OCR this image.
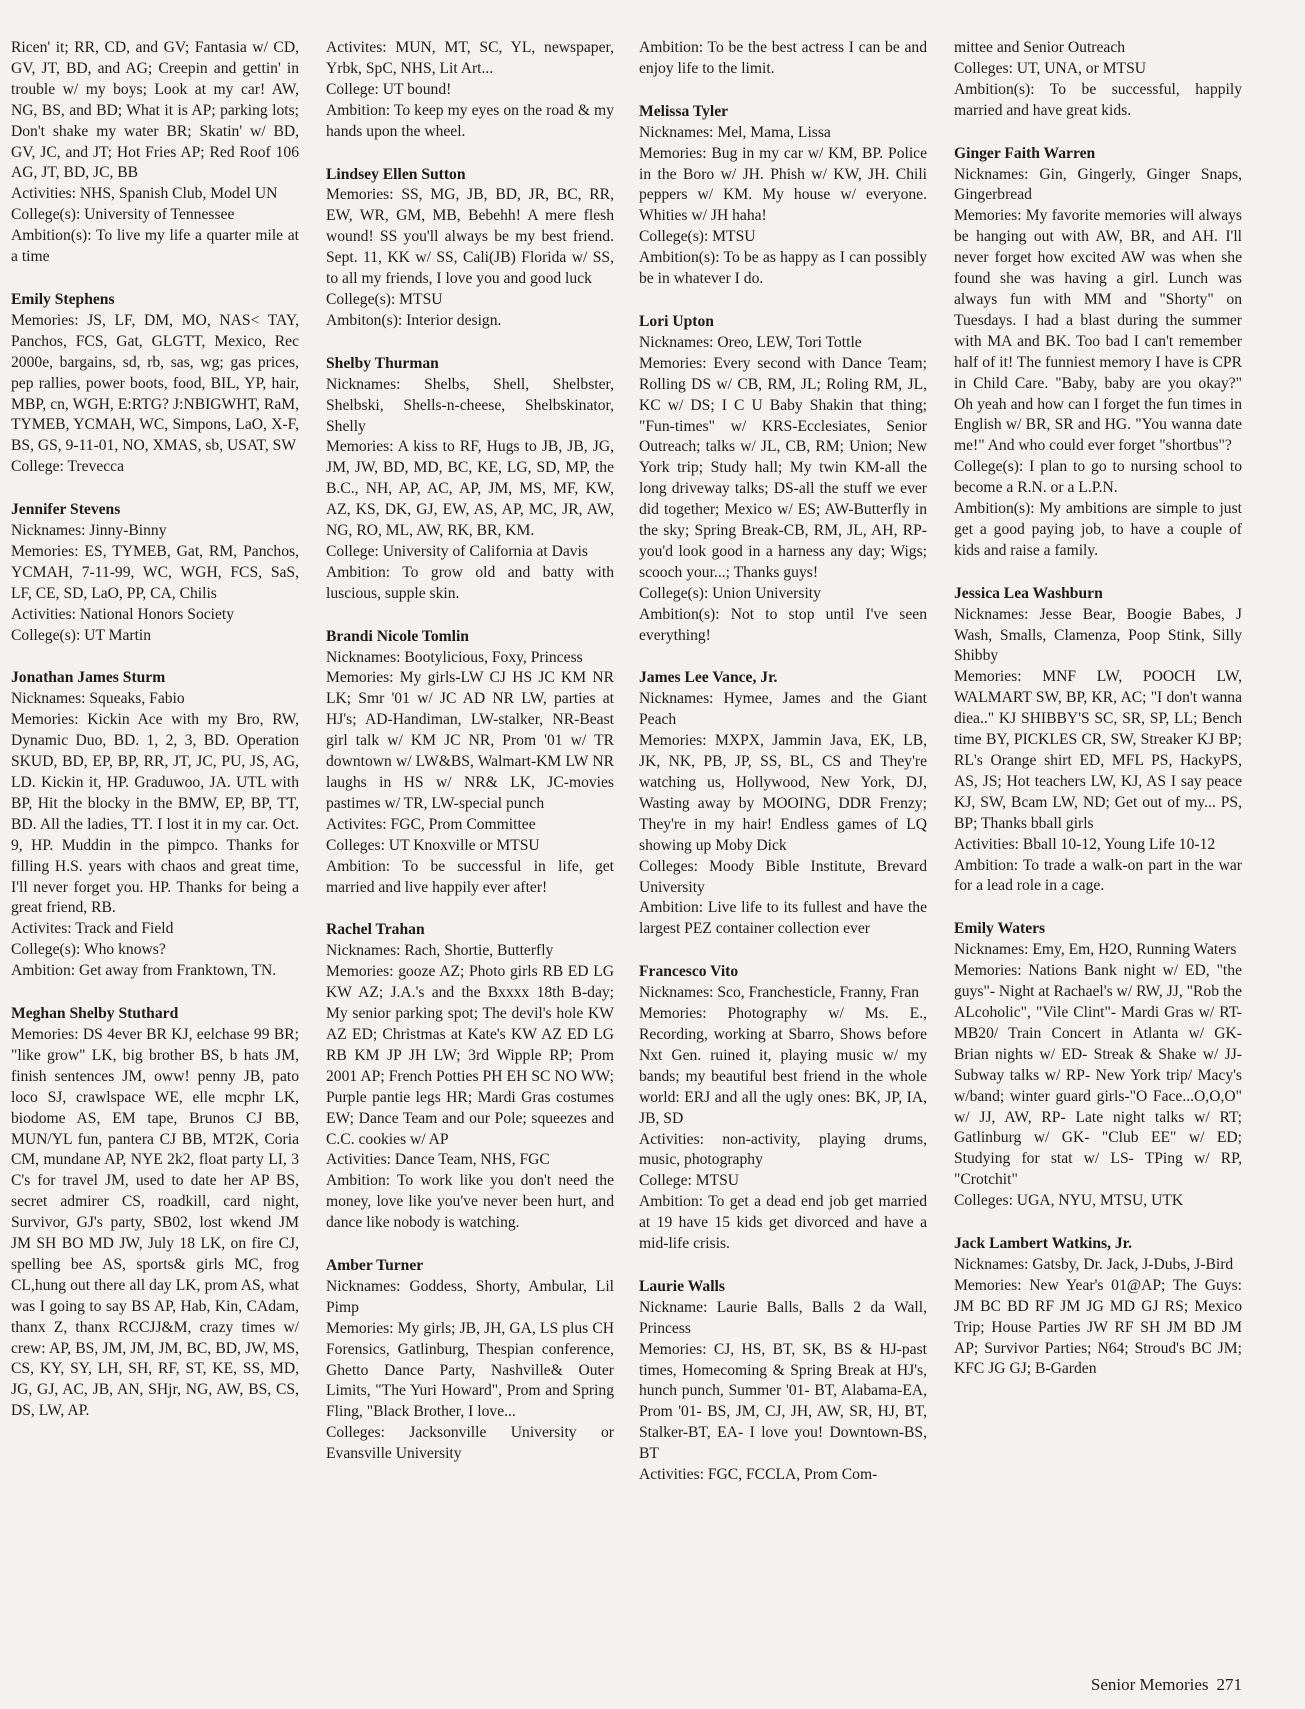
Ricen' it; RR, CD, and GV; Fantasia w/ CD, GV, JT, BD, and AG; Creepin and gettin' in trouble w/ my boys; Look at my car! AW, NG, BS, and BD; What it is AP; parking lots; Don't shake my water BR; Skatin' w/ BD, GV, JC, and JT; Hot Fries AP; Red Roof 106 AG, JT, BD, JC, BB

Activities: NHS, Spanish Club, Model UN

College(s): University of Tennessee

Ambition(s): To live my life a quarter mile at a time

Emily Stephens

Memories: JS, LF, DM, MO, NAS< TAY, Panchos, FCS, Gat, GLGTT, Mexico, Rec 2000e, bargains, sd, rb, sas, wg; gas prices, pep rallies, power boots, food, BIL, YP, hair, MBP, cn, WGH, E:RTG? J:NBIGWHT, RaM, TYMEB, YCMAH, WC, Simpons, LaO, X-F, BS, GS, 9-11-01, NO, XMAS, sb, USAT, SW

College: Trevecca

Jennifer Stevens

Nicknames: Jinny-Binny

Memories: ES, TYMEB, Gat, RM, Panchos, YCMAH, 7-11-99, WC, WGH, FCS, SaS, LF, CE, SD, LaO, PP, CA, Chilis

Activities: National Honors Society

College(s): UT Martin

Jonathan James Sturm

Nicknames: Squeaks, Fabio

Memories: Kickin Ace with my Bro, RW, Dynamic Duo, BD. 1, 2, 3, BD. Operation SKUD, BD, EP, BP, RR, JT, JC, PU, JS, AG, LD. Kickin it, HP. Graduwoo, JA. UTL with BP, Hit the blocky in the BMW, EP, BP, TT, BD. All the ladies, TT. I lost it in my car. Oct. 9, HP. Muddin in the pimpco. Thanks for filling H.S. years with chaos and great time, I'll never forget you. HP. Thanks for being a great friend, RB.

Activites: Track and Field

College(s): Who knows?

Ambition: Get away from Franktown, TN.

Meghan Shelby Stuthard

Memories: DS 4ever BR KJ, eelchase 99 BR; "like grow" LK, big brother BS, b hats JM, finish sentences JM, oww! penny JB, pato loco SJ, crawlspace WE, elle mcphr LK, biodome AS, EM tape, Brunos CJ BB, MUN/YL fun, pantera CJ BB, MT2K, Coria CM, mundane AP, NYE 2k2, float party LI, 3 C's for travel JM, used to date her AP BS, secret admirer CS, roadkill, card night, Survivor, GJ's party, SB02, lost wkend JM JM SH BO MD JW, July 18 LK, on fire CJ, spelling bee AS, sports& girls MC, frog CL,hung out there all day LK, prom AS, what was I going to say BS AP, Hab, Kin, CAdam, thanx Z, thanx RCCJJ&M, crazy times w/ crew: AP, BS, JM, JM, JM, BC, BD, JW, MS, CS, KY, SY, LH, SH, RF, ST, KE, SS, MD, JG, GJ, AC, JB, AN, SHjr, NG, AW, BS, CS, DS, LW, AP.

Activites: MUN, MT, SC, YL, newspaper, Yrbk, SpC, NHS, Lit Art...

College: UT bound!

Ambition: To keep my eyes on the road & my hands upon the wheel.

Lindsey Ellen Sutton

Memories: SS, MG, JB, BD, JR, BC, RR, EW, WR, GM, MB, Bebehh! A mere flesh wound! SS you'll always be my best friend. Sept. 11, KK w/ SS, Cali(JB) Florida w/ SS, to all my friends, I love you and good luck

College(s): MTSU

Ambiton(s): Interior design.

Shelby Thurman

Nicknames: Shelbs, Shell, Shelbster, Shelbski, Shells-n-cheese, Shelbskinator, Shelly

Memories: A kiss to RF, Hugs to JB, JB, JG, JM, JW, BD, MD, BC, KE, LG, SD, MP, the B.C., NH, AP, AC, AP, JM, MS, MF, KW, AZ, KS, DK, GJ, EW, AS, AP, MC, JR, AW, NG, RO, ML, AW, RK, BR, KM.

College: University of California at Davis

Ambition: To grow old and batty with luscious, supple skin.

Brandi Nicole Tomlin

Nicknames: Bootylicious, Foxy, Princess

Memories: My girls-LW CJ HS JC KM NR LK; Smr '01 w/ JC AD NR LW, parties at HJ's; AD-Handiman, LW-stalker, NR-Beast girl talk w/ KM JC NR, Prom '01 w/ TR downtown w/ LW&BS, Walmart-KM LW NR laughs in HS w/ NR& LK, JC-movies pastimes w/ TR, LW-special punch

Activites: FGC, Prom Committee

Colleges: UT Knoxville or MTSU

Ambition: To be successful in life, get married and live happily ever after!

Rachel Trahan

Nicknames: Rach, Shortie, Butterfly

Memories: gooze AZ; Photo girls RB ED LG KW AZ; J.A.'s and the Bxxxx 18th B-day; My senior parking spot; The devil's hole KW AZ ED; Christmas at Kate's KW AZ ED LG RB KM JP JH LW; 3rd Wipple RP; Prom 2001 AP; French Potties PH EH SC NO WW; Purple pantie legs HR; Mardi Gras costumes EW; Dance Team and our Pole; squeezes and C.C. cookies w/ AP

Activities: Dance Team, NHS, FGC

Ambition: To work like you don't need the money, love like you've never been hurt, and dance like nobody is watching.

Amber Turner

Nicknames: Goddess, Shorty, Ambular, Lil Pimp

Memories: My girls; JB, JH, GA, LS plus CH Forensics, Gatlinburg, Thespian conference, Ghetto Dance Party, Nashville& Outer Limits, "The Yuri Howard", Prom and Spring Fling, "Black Brother, I love...

Colleges: Jacksonville University or Evansville University

Ambition: To be the best actress I can be and enjoy life to the limit.

Melissa Tyler

Nicknames: Mel, Mama, Lissa

Memories: Bug in my car w/ KM, BP. Police in the Boro w/ JH. Phish w/ KW, JH. Chili peppers w/ KM. My house w/ everyone. Whities w/ JH haha!

College(s): MTSU

Ambition(s): To be as happy as I can possibly be in whatever I do.

Lori Upton

Nicknames: Oreo, LEW, Tori Tottle

Memories: Every second with Dance Team; Rolling DS w/ CB, RM, JL; Roling RM, JL, KC w/ DS; I C U Baby Shakin that thing; "Fun-times" w/ KRS-Ecclesiates, Senior Outreach; talks w/ JL, CB, RM; Union; New York trip; Study hall; My twin KM-all the long driveway talks; DS-all the stuff we ever did together; Mexico w/ ES; AW-Butterfly in the sky; Spring Break-CB, RM, JL, AH, RP-you'd look good in a harness any day; Wigs; scooch your...; Thanks guys!

College(s): Union University

Ambition(s): Not to stop until I've seen everything!

James Lee Vance, Jr.

Nicknames: Hymee, James and the Giant Peach

Memories: MXPX, Jammin Java, EK, LB, JK, NK, PB, JP, SS, BL, CS and They're watching us, Hollywood, New York, DJ, Wasting away by MOOING, DDR Frenzy; They're in my hair! Endless games of LQ showing up Moby Dick

Colleges: Moody Bible Institute, Brevard University

Ambition: Live life to its fullest and have the largest PEZ container collection ever

Francesco Vito

Nicknames: Sco, Franchesticle, Franny, Fran

Memories: Photography w/ Ms. E., Recording, working at Sbarro, Shows before Nxt Gen. ruined it, playing music w/ my bands; my beautiful best friend in the whole world: ERJ and all the ugly ones: BK, JP, IA, JB, SD

Activities: non-activity, playing drums, music, photography

College: MTSU

Ambition: To get a dead end job get married at 19 have 15 kids get divorced and have a mid-life crisis.

Laurie Walls

Nickname: Laurie Balls, Balls 2 da Wall, Princess

Memories: CJ, HS, BT, SK, BS & HJ-past times, Homecoming & Spring Break at HJ's, hunch punch, Summer '01- BT, Alabama-EA, Prom '01- BS, JM, CJ, JH, AW, SR, HJ, BT, Stalker-BT, EA- I love you! Downtown-BS, BT

Activities: FGC, FCCLA, Prom Com-

mittee and Senior Outreach

Colleges: UT, UNA, or MTSU

Ambition(s): To be successful, happily married and have great kids.

Ginger Faith Warren

Nicknames: Gin, Gingerly, Ginger Snaps, Gingerbread

Memories: My favorite memories will always be hanging out with AW, BR, and AH. I'll never forget how excited AW was when she found she was having a girl. Lunch was always fun with MM and "Shorty" on Tuesdays. I had a blast during the summer with MA and BK. Too bad I can't remember half of it! The funniest memory I have is CPR in Child Care. "Baby, baby are you okay?" Oh yeah and how can I forget the fun times in English w/ BR, SR and HG. "You wanna date me!" And who could ever forget "shortbus"?

College(s): I plan to go to nursing school to become a R.N. or a L.P.N.

Ambition(s): My ambitions are simple to just get a good paying job, to have a couple of kids and raise a family.

Jessica Lea Washburn

Nicknames: Jesse Bear, Boogie Babes, J Wash, Smalls, Clamenza, Poop Stink, Silly Shibby

Memories: MNF LW, POOCH LW, WALMART SW, BP, KR, AC; "I don't wanna diea.." KJ SHIBBY'S SC, SR, SP, LL; Bench time BY, PICKLES CR, SW, Streaker KJ BP; RL's Orange shirt ED, MFL PS, HackyPS, AS, JS; Hot teachers LW, KJ, AS I say peace KJ, SW, Bcam LW, ND; Get out of my... PS, BP; Thanks bball girls

Activities: Bball 10-12, Young Life 10-12

Ambition: To trade a walk-on part in the war for a lead role in a cage.

Emily Waters

Nicknames: Emy, Em, H2O, Running Waters

Memories: Nations Bank night w/ ED, "the guys"- Night at Rachael's w/ RW, JJ, "Rob the ALcoholic", "Vile Clint"- Mardi Gras w/ RT-MB20/ Train Concert in Atlanta w/ GK- Brian nights w/ ED- Streak & Shake w/ JJ-Subway talks w/ RP- New York trip/ Macy's w/band; winter guard girls-"O Face...O,O,O" w/ JJ, AW, RP- Late night talks w/ RT; Gatlinburg w/ GK- "Club EE" w/ ED; Studying for stat w/ LS- TPing w/ RP, "Crotchit"

Colleges: UGA, NYU, MTSU, UTK

Jack Lambert Watkins, Jr.

Nicknames: Gatsby, Dr. Jack, J-Dubs, J-Bird

Memories: New Year's 01@AP; The Guys: JM BC BD RF JM JG MD GJ RS; Mexico Trip; House Parties JW RF SH JM BD JM AP; Survivor Parties; N64; Stroud's BC JM; KFC JG GJ; B-Garden

Senior Memories 271
